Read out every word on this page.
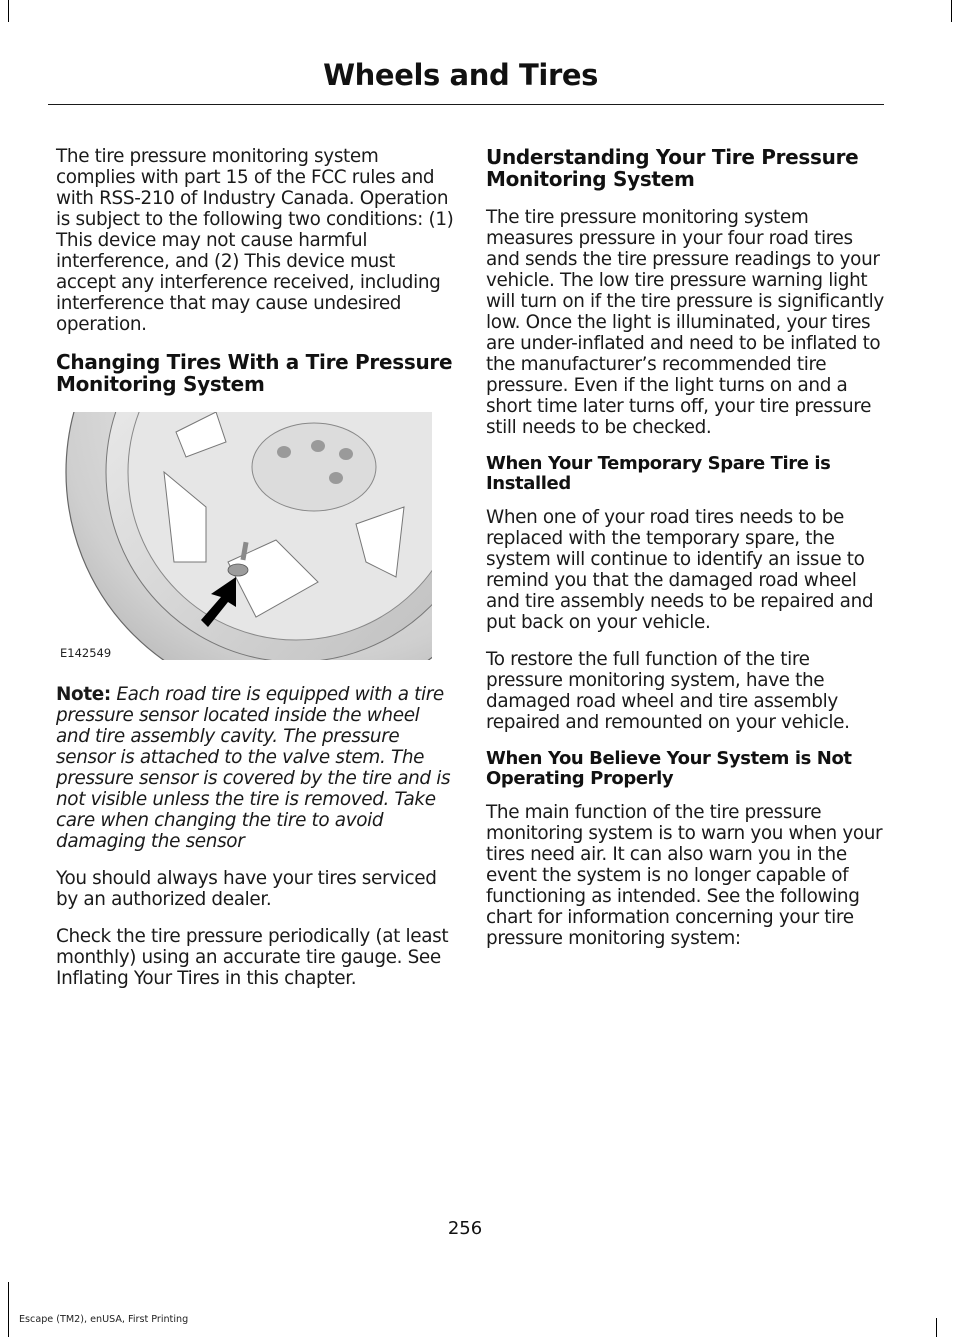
Wheels and Tires

The tire pressure monitoring system complies with part 15 of the FCC rules and with RSS-210 of Industry Canada. Operation is subject to the following two conditions: (1) This device may not cause harmful interference, and (2) This device must accept any interference received, including interference that may cause undesired operation.

Changing Tires With a Tire Pressure Monitoring System
E142549

Note: Each road tire is equipped with a tire pressure sensor located inside the wheel and tire assembly cavity. The pressure sensor is attached to the valve stem. The pressure sensor is covered by the tire and is not visible unless the tire is removed. Take care when changing the tire to avoid damaging the sensor

You should always have your tires serviced by an authorized dealer.

Check the tire pressure periodically (at least monthly) using an accurate tire gauge. See Inflating Your Tires in this chapter.

Understanding Your Tire Pressure Monitoring System

The tire pressure monitoring system measures pressure in your four road tires and sends the tire pressure readings to your vehicle. The low tire pressure warning light will turn on if the tire pressure is significantly low. Once the light is illuminated, your tires are under-inflated and need to be inflated to the manufacturer’s recommended tire pressure. Even if the light turns on and a short time later turns off, your tire pressure still needs to be checked.

When Your Temporary Spare Tire is Installed

When one of your road tires needs to be replaced with the temporary spare, the system will continue to identify an issue to remind you that the damaged road wheel and tire assembly needs to be repaired and put back on your vehicle.

To restore the full function of the tire pressure monitoring system, have the damaged road wheel and tire assembly repaired and remounted on your vehicle.

When You Believe Your System is Not Operating Properly

The main function of the tire pressure monitoring system is to warn you when your tires need air. It can also warn you in the event the system is no longer capable of functioning as intended. See the following chart for information concerning your tire pressure monitoring system:

256
Escape (TM2), enUSA, First Printing
